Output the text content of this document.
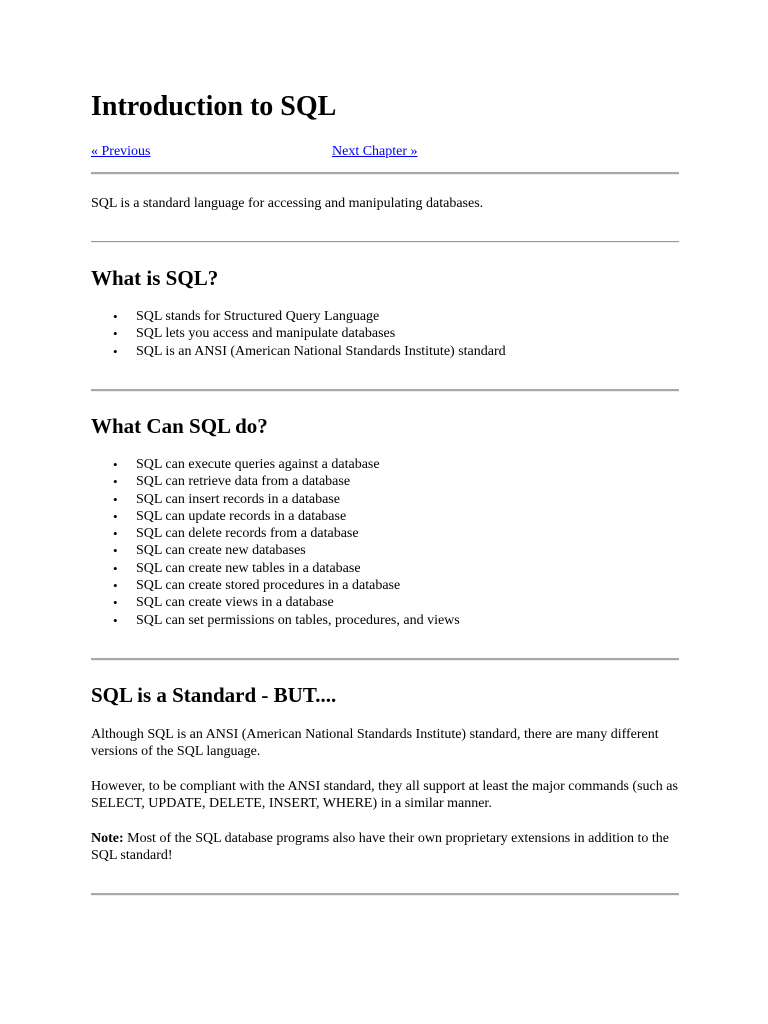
Introduction to SQL
« Previous	Next Chapter »

SQL is a standard language for accessing and manipulating databases.

What is SQL?
• SQL stands for Structured Query Language
• SQL lets you access and manipulate databases
• SQL is an ANSI (American National Standards Institute) standard
What Can SQL do?
• SQL can execute queries against a database
• SQL can retrieve data from a database
• SQL can insert records in a database
• SQL can update records in a database
• SQL can delete records from a database
• SQL can create new databases
• SQL can create new tables in a database
• SQL can create stored procedures in a database
• SQL can create views in a database
• SQL can set permissions on tables, procedures, and views
SQL is a Standard - BUT....

Although SQL is an ANSI (American National Standards Institute) standard, there are many different versions of the SQL language.

However, to be compliant with the ANSI standard, they all support at least the major commands (such as SELECT, UPDATE, DELETE, INSERT, WHERE) in a similar manner.

Note: Most of the SQL database programs also have their own proprietary extensions in addition to the SQL standard!
